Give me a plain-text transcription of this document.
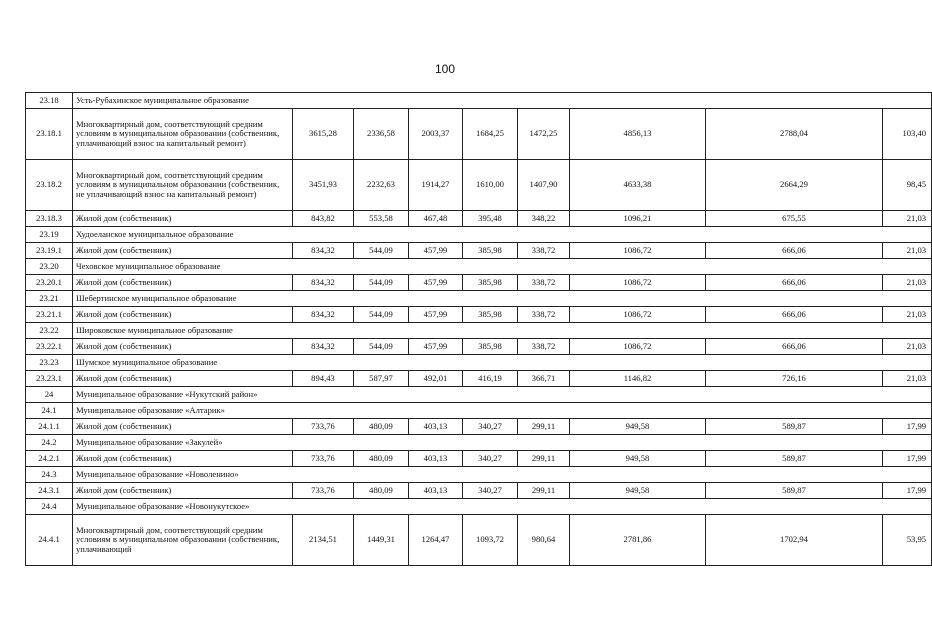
100
23.18	Усть-Рубахинское муниципальное образование								
23.18.1	Многоквартирный дом, соответствующий средним условиям в муниципальном образовании (собственник, уплачивающий взнос на капитальный ремонт)	3615,28	2336,58	2003,37	1684,25	1472,25	4856,13	2788,04	103,40
23.18.2	Многоквартирный дом, соответствующий средним условиям в муниципальном образовании (собственник, не уплачивающий взнос на капитальный ремонт)	3451,93	2232,63	1914,27	1610,00	1407,90	4633,38	2664,29	98,45
23.18.3	Жилой дом (собственник)	843,82	553,58	467,48	395,48	348,22	1096,21	675,55	21,03
23.19	Худоеланское муниципальное образование								
23.19.1	Жилой дом (собственник)	834,32	544,09	457,99	385,98	338,72	1086,72	666,06	21,03
23.20	Чеховское муниципальное образование								
23.20.1	Жилой дом (собственник)	834,32	544,09	457,99	385,98	338,72	1086,72	666,06	21,03
23.21	Шебертинское муниципальное образование								
23.21.1	Жилой дом (собственник)	834,32	544,09	457,99	385,98	338,72	1086,72	666,06	21,03
23.22	Широковское муниципальное образование								
23.22.1	Жилой дом (собственник)	834,32	544,09	457,99	385,98	338,72	1086,72	666,06	21,03
23.23	Шумское муниципальное образование								
23.23.1	Жилой дом (собственник)	894,43	587,97	492,01	416,19	366,71	1146,82	726,16	21,03
24	Муниципальное образование «Нукутский район»								
24.1	Муниципальное образование «Алтарик»								
24.1.1	Жилой дом (собственник)	733,76	480,09	403,13	340,27	299,11	949,58	589,87	17,99
24.2	Муниципальное образование «Закулей»								
24.2.1	Жилой дом (собственник)	733,76	480,09	403,13	340,27	299,11	949,58	589,87	17,99
24.3	Муниципальное образование «Новоленино»								
24.3.1	Жилой дом (собственник)	733,76	480,09	403,13	340,27	299,11	949,58	589,87	17,99
24.4	Муниципальное образование «Новонукутское»								
24.4.1	Многоквартирный дом, соответствующий средним условиям в муниципальном образовании (собственник, уплачивающий	2134,51	1449,31	1264,47	1093,72	980,64	2781,86	1702,94	53,95
